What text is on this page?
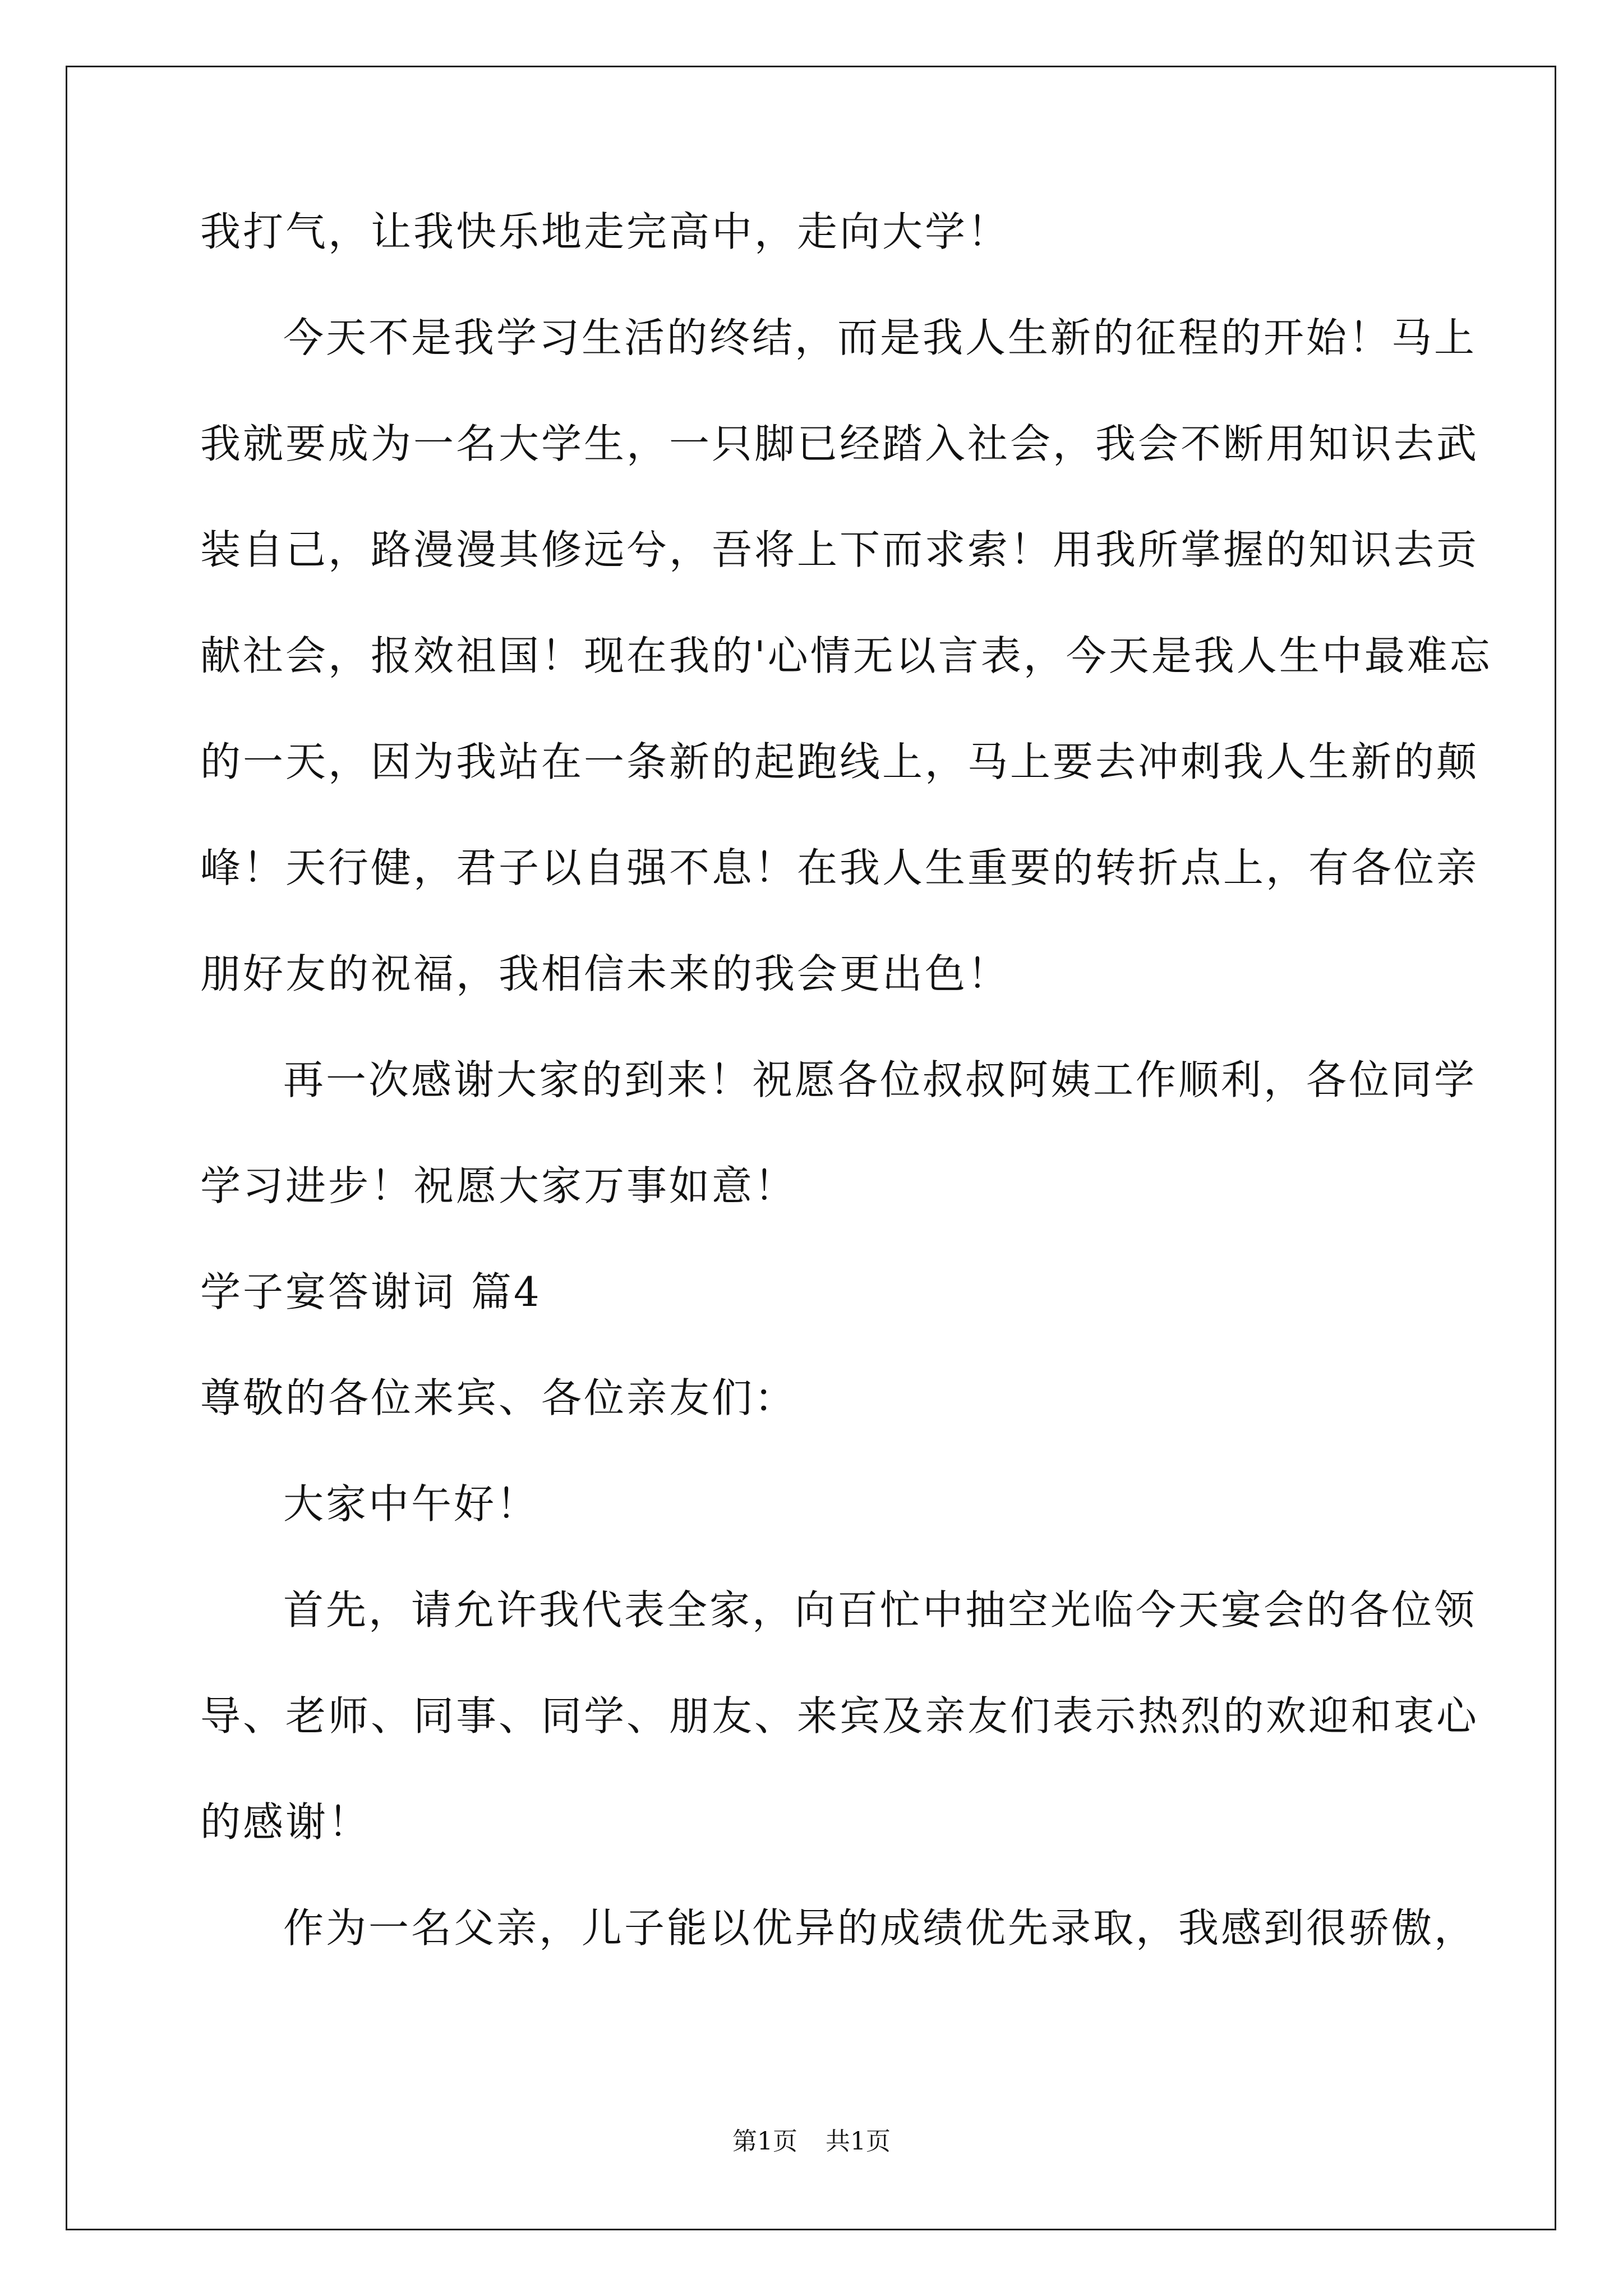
我打气，让我快乐地走完高中，走向大学！
今天不是我学习生活的终结，而是我人生新的征程的开始！马上
我就要成为一名大学生，一只脚已经踏入社会，我会不断用知识去武
装自己，路漫漫其修远兮，吾将上下而求索！用我所掌握的知识去贡
献社会，报效祖国！现在我的'心情无以言表，今天是我人生中最难忘
的一天，因为我站在一条新的起跑线上，马上要去冲刺我人生新的颠
峰！天行健，君子以自强不息！在我人生重要的转折点上，有各位亲
朋好友的祝福，我相信未来的我会更出色！
再一次感谢大家的到来！祝愿各位叔叔阿姨工作顺利，各位同学
学习进步！祝愿大家万事如意！
学子宴答谢词 篇4
尊敬的各位来宾、各位亲友们：
大家中午好！
首先，请允许我代表全家，向百忙中抽空光临今天宴会的各位领
导、老师、同事、同学、朋友、来宾及亲友们表示热烈的欢迎和衷心
的感谢！
作为一名父亲，儿子能以优异的成绩优先录取，我感到很骄傲，
第1页 共1页
